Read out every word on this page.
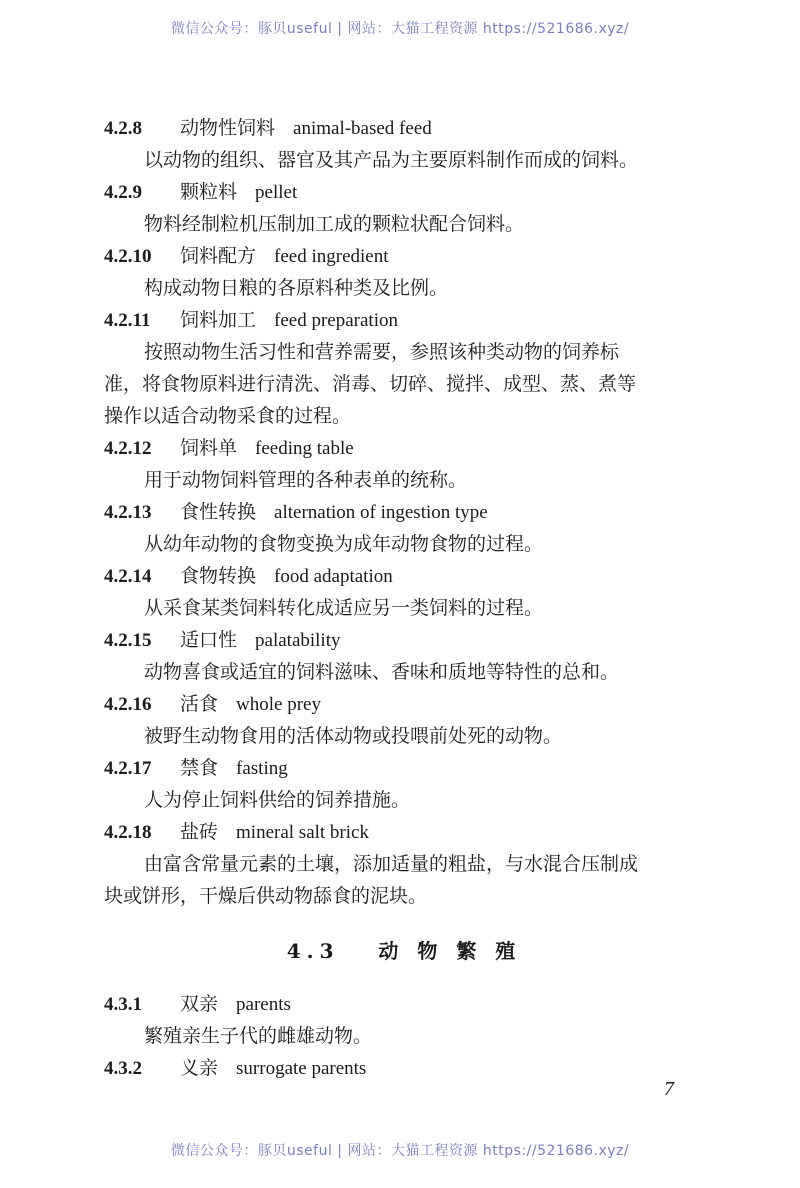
微信公众号：豚贝useful | 网站：大猫工程资源 https://521686.xyz/
4.2.8 动物性饲料 animal-based feed
以动物的组织、器官及其产品为主要原料制作而成的饲料。
4.2.9 颗粒料 pellet
物料经制粒机压制加工成的颗粒状配合饲料。
4.2.10 饲料配方 feed ingredient
构成动物日粮的各原料种类及比例。
4.2.11 饲料加工 feed preparation
按照动物生活习性和营养需要，参照该种类动物的饲养标
准，将食物原料进行清洗、消毒、切碎、搅拌、成型、蒸、煮等
操作以适合动物采食的过程。
4.2.12 饲料单 feeding table
用于动物饲料管理的各种表单的统称。
4.2.13 食性转换 alternation of ingestion type
从幼年动物的食物变换为成年动物食物的过程。
4.2.14 食物转换 food adaptation
从采食某类饲料转化成适应另一类饲料的过程。
4.2.15 适口性 palatability
动物喜食或适宜的饲料滋味、香味和质地等特性的总和。
4.2.16 活食 whole prey
被野生动物食用的活体动物或投喂前处死的动物。
4.2.17 禁食 fasting
人为停止饲料供给的饲养措施。
4.2.18 盐砖 mineral salt brick
由富含常量元素的土壤，添加适量的粗盐，与水混合压制成
块或饼形，干燥后供动物舔食的泥块。
4.3 动 物 繁 殖
4.3.1 双亲 parents
繁殖亲生子代的雌雄动物。
4.3.2 义亲 surrogate parents
7
微信公众号：豚贝useful | 网站：大猫工程资源 https://521686.xyz/
